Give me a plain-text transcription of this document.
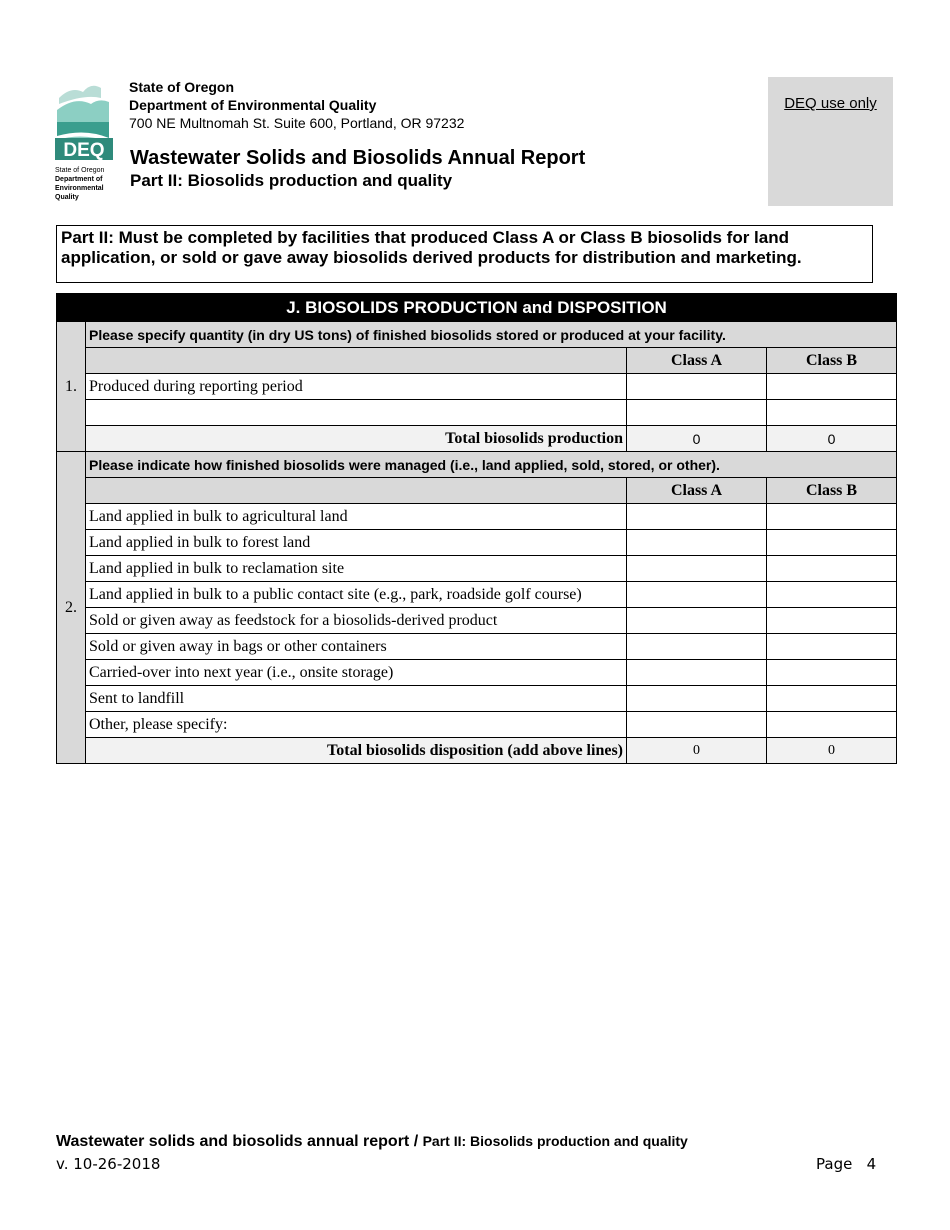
DEQ
State of Oregon
Department of
Environmental
Quality
State of Oregon
Department of Environmental Quality
700 NE Multnomah St. Suite 600, Portland, OR 97232
Wastewater Solids and Biosolids Annual Report
Part II: Biosolids production and quality
DEQ use only
Part II: Must be completed by facilities that produced Class A or Class B biosolids for land application, or sold or gave away biosolids derived products for distribution and marketing.
J. BIOSOLIDS PRODUCTION and DISPOSITION			
1.	Please specify quantity (in dry US tons) of finished biosolids stored or produced at your facility.		
		Class A	Class B
	Produced during reporting period		

	Total biosolids production	0	0
2.	Please indicate how finished biosolids were managed (i.e., land applied, sold, stored, or other).		
		Class A	Class B
	Land applied in bulk to agricultural land		
	Land applied in bulk to forest land		
	Land applied in bulk to reclamation site		
	Land applied in bulk to a public contact site (e.g., park, roadside golf course)		
	Sold or given away as feedstock for a biosolids-derived product		
	Sold or given away in bags or other containers		
	Carried-over into next year (i.e., onsite storage)		
	Sent to landfill		
	Other, please specify:		
	Total biosolids disposition (add above lines)	0	0
Wastewater solids and biosolids annual report / Part II: Biosolids production and quality
v. 10-26-2018	Page   4
